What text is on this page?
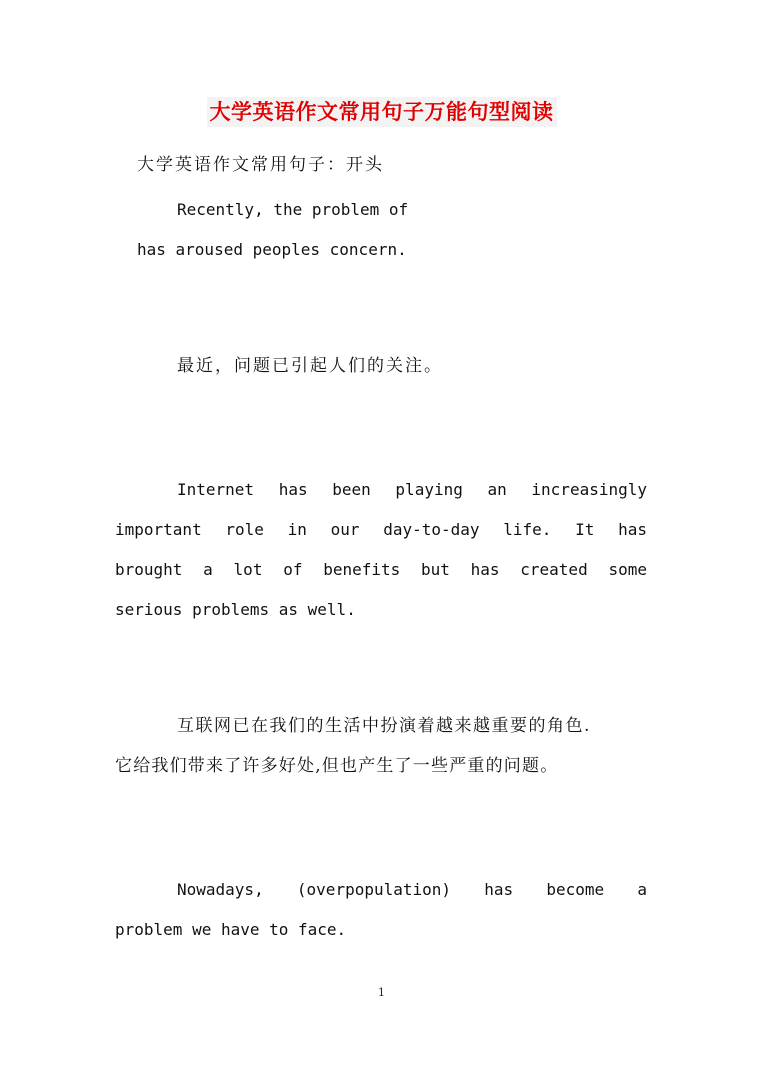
大学英语作文常用句子万能句型阅读
大学英语作文常用句子：开头
Recently, the problem of
has aroused peoples concern.
最近，问题已引起人们的关注。
Internet has been playing an increasingly
important role in our day-to-day life. It has
brought a lot of benefits but has created some
serious problems as well.
互联网已在我们的生活中扮演着越来越重要的角色.
它给我们带来了许多好处,但也产生了一些严重的问题。
Nowadays, (overpopulation) has become a
problem we have to face.
1
